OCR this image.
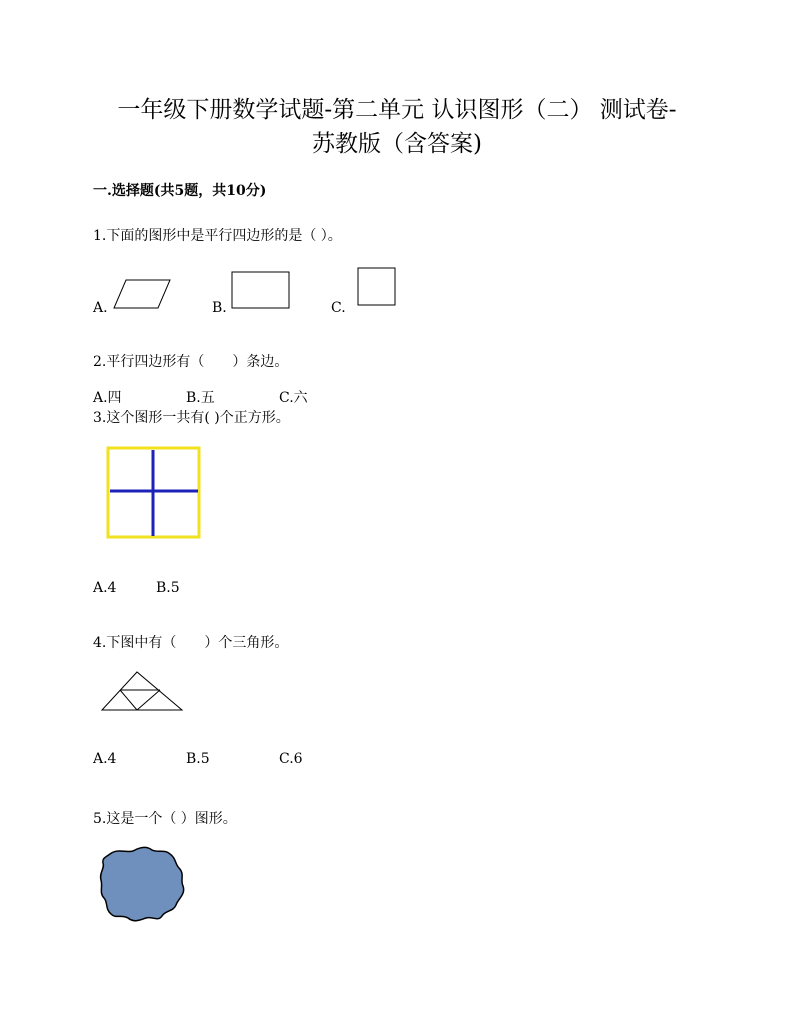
一年级下册数学试题-第二单元 认识图形（二） 测试卷-
苏教版（含答案)
一.选择题(共5题，共10分)
1.下面的图形中是平行四边形的是（ ）。
A.	B.	C.
2.平行四边形有（　　）条边。
A.四	B.五	C.六
3.这个图形一共有( )个正方形。
A.4	B.5
4.下图中有（　　）个三角形。
A.4	B.5	C.6
5.这是一个（ ）图形。
